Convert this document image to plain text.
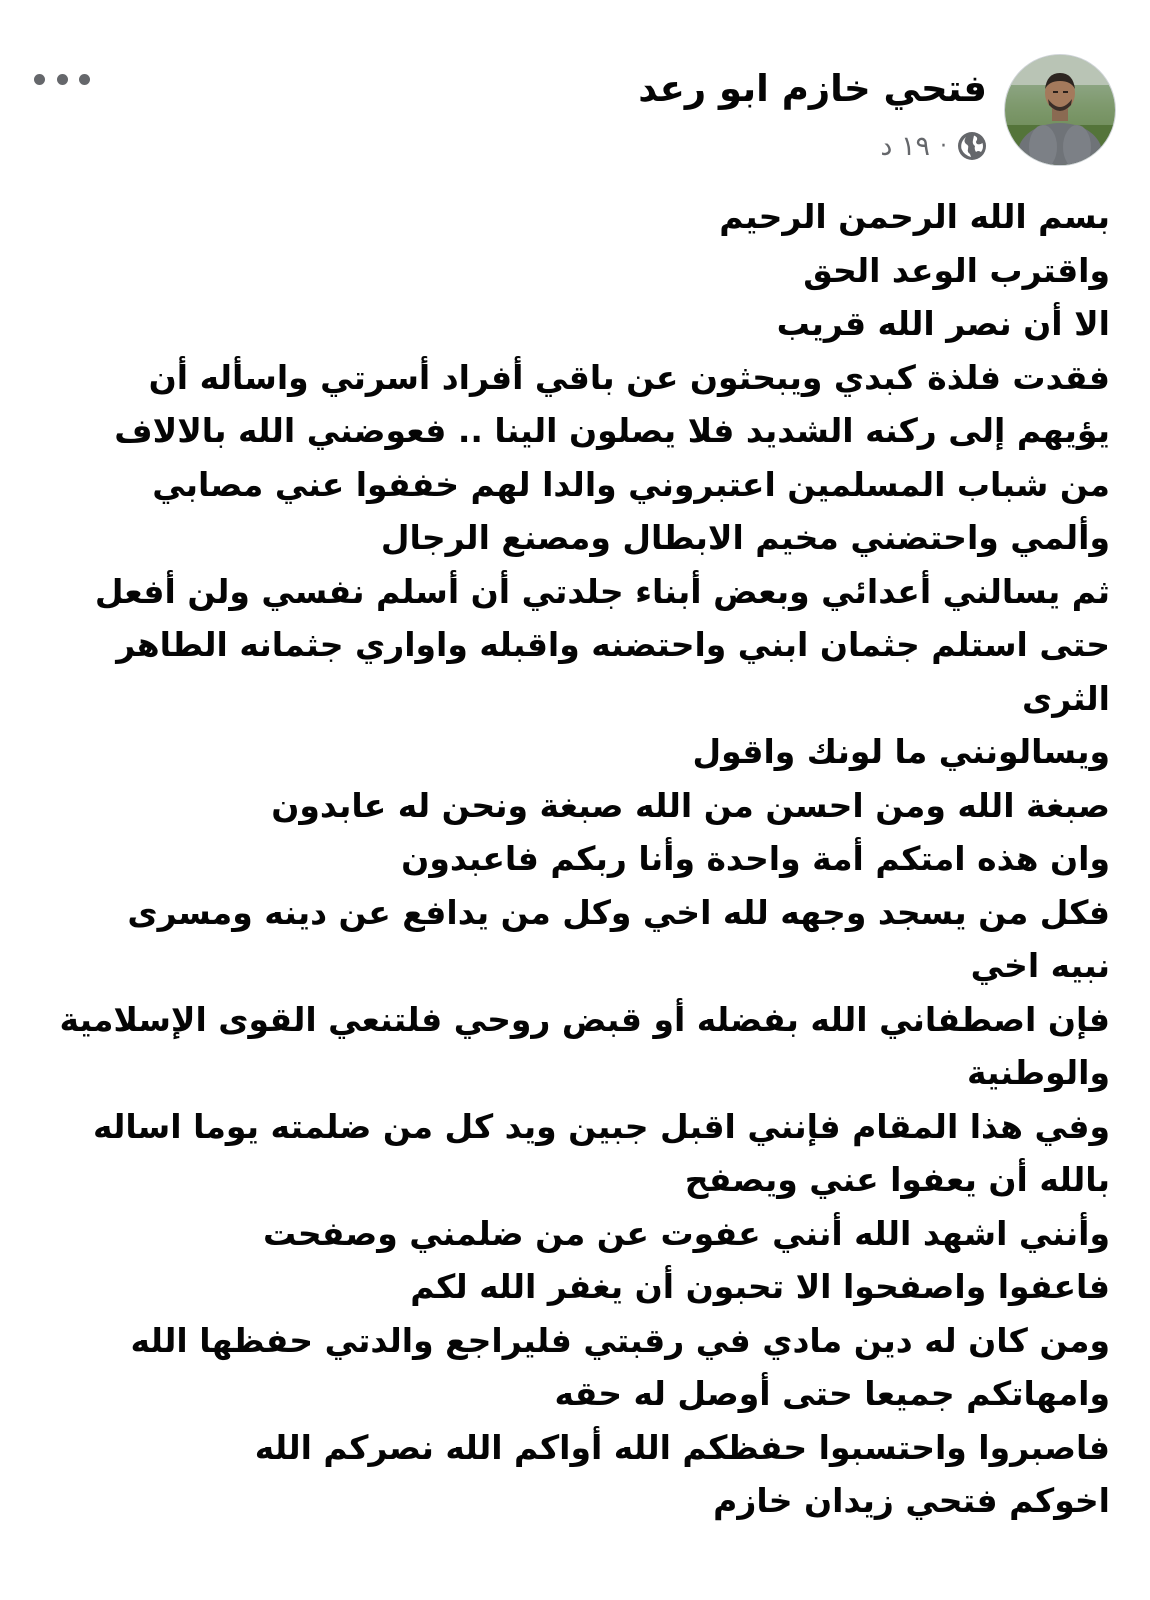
فتحي خازم ابو رعد
١٩ د ·
بسم الله الرحمن الرحيم
واقترب الوعد الحق
الا أن نصر الله قريب
فقدت فلذة كبدي ويبحثون عن باقي أفراد أسرتي واسأله أن
يؤيهم إلى ركنه الشديد فلا يصلون الينا .. فعوضني الله بالالاف
من شباب المسلمين اعتبروني والدا لهم خففوا عني مصابي
وألمي واحتضني مخيم الابطال ومصنع الرجال
ثم يسالني أعدائي وبعض أبناء جلدتي أن أسلم نفسي ولن أفعل
حتى استلم جثمان ابني واحتضنه واقبله واواري جثمانه الطاهر
الثرى
ويسالونني ما لونك واقول
صبغة الله ومن احسن من الله صبغة ونحن له عابدون
وان هذه امتكم أمة واحدة وأنا ربكم فاعبدون
فكل من يسجد وجهه لله اخي وكل من يدافع عن دينه ومسرى
نبيه اخي
فإن اصطفاني الله بفضله أو قبض روحي فلتنعي القوى الإسلامية
والوطنية
وفي هذا المقام فإنني اقبل جبين ويد كل من ضلمته يوما اساله
بالله أن يعفوا عني ويصفح
وأنني اشهد الله أنني عفوت عن من ضلمني وصفحت
فاعفوا واصفحوا الا تحبون أن يغفر الله لكم
ومن كان له دين مادي في رقبتي فليراجع والدتي حفظها الله
وامهاتكم جميعا حتى أوصل له حقه
فاصبروا واحتسبوا حفظكم الله أواكم الله نصركم الله
اخوكم فتحي زيدان خازم
